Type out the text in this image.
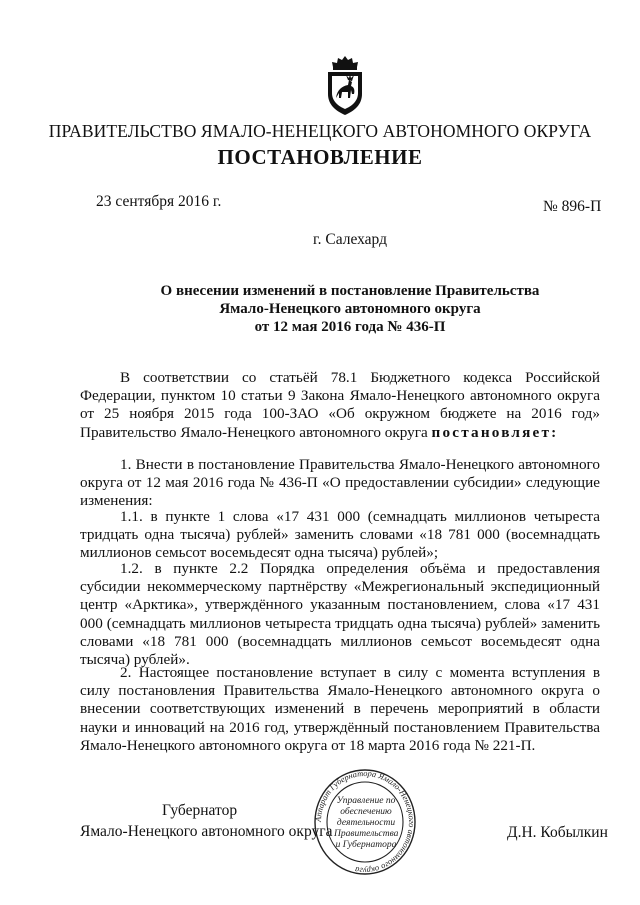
ПРАВИТЕЛЬСТВО ЯМАЛО-НЕНЕЦКОГО АВТОНОМНОГО ОКРУГА
ПОСТАНОВЛЕНИЕ
23 сентября 2016 г.	№ 896-П
г. Салехард
О внесении изменений в постановление Правительства
Ямало-Ненецкого автономного округа
от 12 мая 2016 года № 436-П

В соответствии со статьёй 78.1 Бюджетного кодекса Российской Федерации, пунктом 10 статьи 9 Закона Ямало-Ненецкого автономного округа от 25 ноября 2015 года 100-ЗАО «Об окружном бюджете на 2016 год» Правительство Ямало-Ненецкого автономного округа постановляет:

1. Внести в постановление Правительства Ямало-Ненецкого автономного округа от 12 мая 2016 года № 436-П «О предоставлении субсидии» следующие изменения:

1.1. в пункте 1 слова «17 431 000 (семнадцать миллионов четыреста тридцать одна тысяча) рублей» заменить словами «18 781 000 (восемнадцать миллионов семьсот восемьдесят одна тысяча) рублей»;

1.2. в пункте 2.2 Порядка определения объёма и предоставления субсидии некоммерческому партнёрству «Межрегиональный экспедиционный центр «Арктика», утверждённого указанным постановлением, слова «17 431 000 (семнадцать миллионов четыреста тридцать одна тысяча) рублей» заменить словами «18 781 000 (восемнадцать миллионов семьсот восемьдесят одна тысяча) рублей».

2. Настоящее постановление вступает в силу с момента вступления в силу постановления Правительства Ямало-Ненецкого автономного округа о внесении соответствующих изменений в перечень мероприятий в области науки и инноваций на 2016 год, утверждённый постановлением Правительства Ямало-Ненецкого автономного округа от 18 марта 2016 года № 221-П.

Аппарат Губернатора Ямало-Ненецкого автономного округа
Управление по обеспечению деятельности Правительства и Губернатора
Губернатор
Ямало-Ненецкого автономного округа	Д.Н. Кобылкин
